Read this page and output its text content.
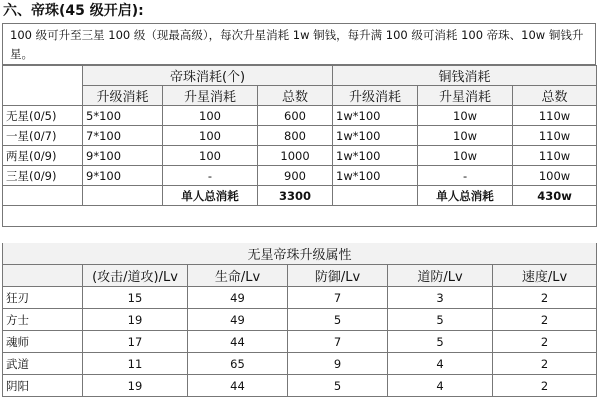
六、帝珠(45 级开启):
100 级可升至三星 100 级（现最高级），每次升星消耗 1w 铜钱，每升满 100 级可消耗 100 帝珠、10w 铜钱升星。
	帝珠消耗(个)			铜钱消耗		
	升级消耗	升星消耗	总数	升级消耗	升星消耗	总数
无星(0/5)	5*100	100	600	1w*100	10w	110w
一星(0/7)	7*100	100	800	1w*100	10w	110w
两星(0/9)	9*100	100	1000	1w*100	10w	110w
三星(0/9)	9*100	-	900	1w*100	-	100w
		单人总消耗	3300		单人总消耗	430w

无星帝珠升级属性					
	(攻击/道攻)/Lv	生命/Lv	防御/Lv	道防/Lv	速度/Lv
狂刃	15	49	7	3	2
方士	19	49	5	5	2
魂师	17	44	7	5	2
武道	11	65	9	4	2
阴阳	19	44	5	4	2
